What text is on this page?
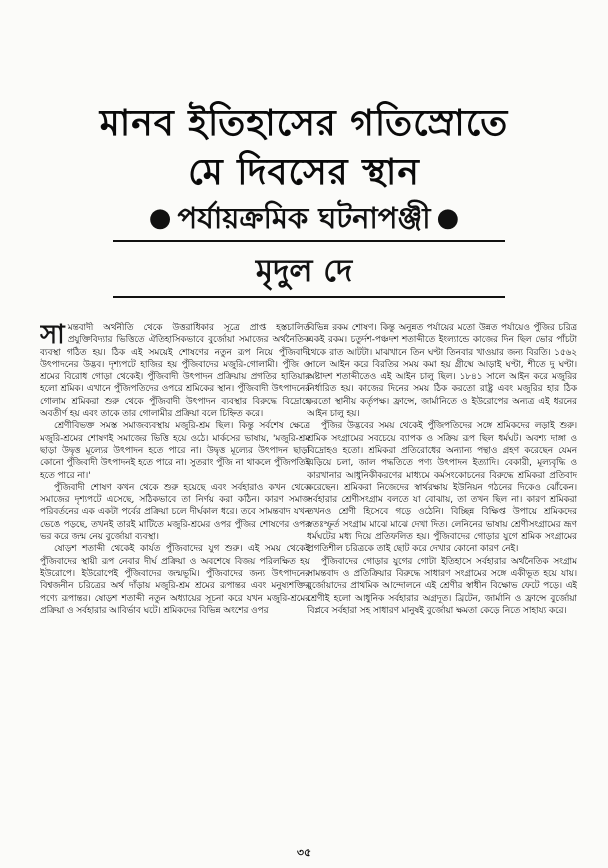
মানব ইতিহাসের গতিস্রোতে
মে দিবসের স্থান
● পর্যায়ক্রমিক ঘটনাপঞ্জী ●
মৃদুল দে

সামন্তবাদী অর্থনীতি থেকে উত্তরাধিকার সূত্রে প্রাপ্ত হস্তচালিত প্রযুক্তিবিদ্যার ভিত্তিতে ঐতিহাসিকভাবে বুর্জোয়া সমাজের অর্থনৈতিক ব্যবস্থা গঠিত হয়। ঠিক এই সময়েই শোষণের নতুন রূপ নিয়ে পুঁজিবাদী উৎপাদনের উদ্ভব। দৃশ্যপটে হাজির হয় পুঁজিবাদের মজুরি-গোলামী। পুঁজি ও শ্রমের বিরোধ গোড়া থেকেই। পুঁজিবাদী উৎপাদন প্রক্রিয়ায় প্রগতির হাতিয়ার হলো শ্রমিক। এখানে পুঁজিপতিদের ওপরে শ্রমিকের স্থান। পুঁজিবাদী উৎপাদনের গোলাম শ্রমিকরা শুরু থেকে পুঁজিবাদী উৎপাদন ব্যবস্থার বিরুদ্ধে বিদ্রোহে অবতীর্ণ হয় এবং তাকে তার গোলামীর প্রক্রিয়া বলে চিহ্নিত করে।

শ্রেণীবিভক্ত সমস্ত সমাজব্যবস্থায় মজুরি-শ্রম ছিল। কিন্তু সর্বশেষ ক্ষেত্রে মজুরি-শ্রমের শোষণই সমাজের ভিত্তি হয়ে ওঠে। মার্কসের ভাষায়, 'মজুরি-শ্রম ছাড়া উদ্বৃত্ত মূল্যের উৎপাদন হতে পারে না। উদ্বৃত্ত মূল্যের উৎপাদন ছাড়া কোনো পুঁজিবাদী উৎপাদনই হতে পারে না। সুতরাং পুঁজি না থাকলে পুঁজিপতিই হতে পারে না।'

পুঁজিবাদী শোষণ কখন থেকে শুরু হয়েছে এবং সর্বহারাও কখন থেকে সমাজের দৃশ্যপটে এসেছে, সঠিকভাবে তা নির্ণয় করা কঠিন। কারণ সমাজ পরিবর্তনের এক একটা পর্বের প্রক্রিয়া চলে দীর্ঘকাল ধরে। তবে সামন্তবাদ যখন ভেঙে পড়ছে, তখনই তারই মাটিতে মজুরি-শ্রমের ওপর পুঁজির শোষণের ওপর ভর করে জন্ম নেয় বুর্জোয়া ব্যবস্থা।

ষোড়শ শতাব্দী থেকেই কার্যত পুঁজিবাদের যুগ শুরু। এই সময় থেকেই পুঁজিবাদের স্থায়ী রূপ নেবার দীর্ঘ প্রক্রিয়া ও অবশেষে বিজয় পরিলক্ষিত হয় ইউরোপে। ইউরোপেই পুঁজিবাদের জন্মভূমি। পুঁজিবাদের জন্য উৎপাদনের বিশ্বজনীন চরিত্রের অর্থ দাঁড়ায় মজুরি-শ্রম শ্রমের রূপান্তর এবং মনুষ্যশক্তির পণ্যে রূপান্তর। ষোড়শ শতাব্দী নতুন অধ্যায়ের সূচনা করে যখন মজুরি-শ্রমের প্রক্রিয়া ও সর্বহারার আবির্ভাব ঘটে। শ্রমিকদের বিভিন্ন অংশের ওপর

বিভিন্ন রকম শোষণ। কিন্তু অনুন্নত পর্যায়ের মতো উন্নত পর্যায়েও পুঁজির চরিত্র একই রকম। চতুর্দশ-পঞ্চদশ শতাব্দীতে ইংল্যান্ডে কাজের দিন ছিল ভোর পাঁচটা থেকে রাত আটটা। মাঝখানে তিন ঘণ্টা তিনবার খাওয়ার জন্য বিরতি। ১৫৬২ সালে আইন করে বিরতির সময় কমা হয় গ্রীষ্মে আড়াই ঘণ্টা, শীতে দু ঘণ্টা। অষ্টাদশ শতাব্দীতেও এই আইন চালু ছিল। ১৮৪১ সালে আইন করে মজুরির নির্ধারিত হয়। কাজের দিনের সময় ঠিক করতো রাষ্ট্র এবং মজুরির হার ঠিক করতো স্থানীয় কর্তৃপক্ষ। ফ্রান্সে, জার্মানিতে ও ইউরোপের অন্যত্র এই ধরনের আইন চালু হয়।

পুঁজির উদ্ভবের সময় থেকেই পুঁজিপতিদের সঙ্গে শ্রমিকদের লড়াই শুরু। শ্রমিক সংগ্রামের সবচেয়ে ব্যাপক ও সক্রিয় রূপ ছিল ধর্মঘট। অবশ্য দাঙ্গা ও বিদ্রোহও হতো। শ্রমিকরা প্রতিরোধের অন্যান্য পন্থাও গ্রহণ করেছেন যেমন এড়িয়ে চলা, জাল পদ্ধতিতে পণ্য উৎপাদন ইত্যাদি। বেকারী, মূল্যবৃদ্ধি ও কারখানার আধুনিকীকরণের মাধ্যমে কর্মসংকোচনের বিরুদ্ধে শ্রমিকরা প্রতিবাদ করেছেন। শ্রমিকরা নিজেদের স্বার্থরক্ষায় ইউনিয়ন গঠনের দিকেও ঝোঁকেন। সর্বহারার শ্রেণীসংগ্রাম বলতে যা বোঝায়, তা তখন ছিল না। কারণ শ্রমিকরা তখনও শ্রেণী হিসেবে গড়ে ওঠেনি। বিচ্ছিন্ন বিক্ষিপ্ত উপায়ে শ্রমিকদের স্বতঃস্ফূর্ত সংগ্রাম মাঝে মাঝে দেখা দিত। লেনিনের ভাষায় শ্রেণীসংগ্রামের ভ্রূণ ধর্মঘটের মধ্য দিয়ে প্রতিফলিত হয়। পুঁজিবাদের গোড়ার যুগে শ্রমিক সংগ্রামের প্রগতিশীল চরিত্রকে তাই ছোট করে দেখার কোনো কারণ নেই।

পুঁজিবাদের গোড়ার যুগের গোটা ইতিহাসে সর্বহারার অর্থনৈতিক সংগ্রাম সামন্তবাদ ও প্রতিক্রিয়ার বিরুদ্ধে সাধারণ সংগ্রামের সঙ্গে একীভূত হয়ে যায়। বুর্জোয়াদের প্রাথমিক আন্দোলনে এই শ্রেণীর স্বাধীন বিক্ষোভ ফেটে পড়ে। এই শ্রেণীই হলো আধুনিক সর্বহারার অগ্রদূত। ব্রিটেন, জার্মানি ও ফ্রান্সে বুর্জোয়া বিপ্লবে সর্বহারা সহ সাধারণ মানুষই বুর্জোয়া ক্ষমতা কেড়ে নিতে সাহায্য করে।

৩৫
